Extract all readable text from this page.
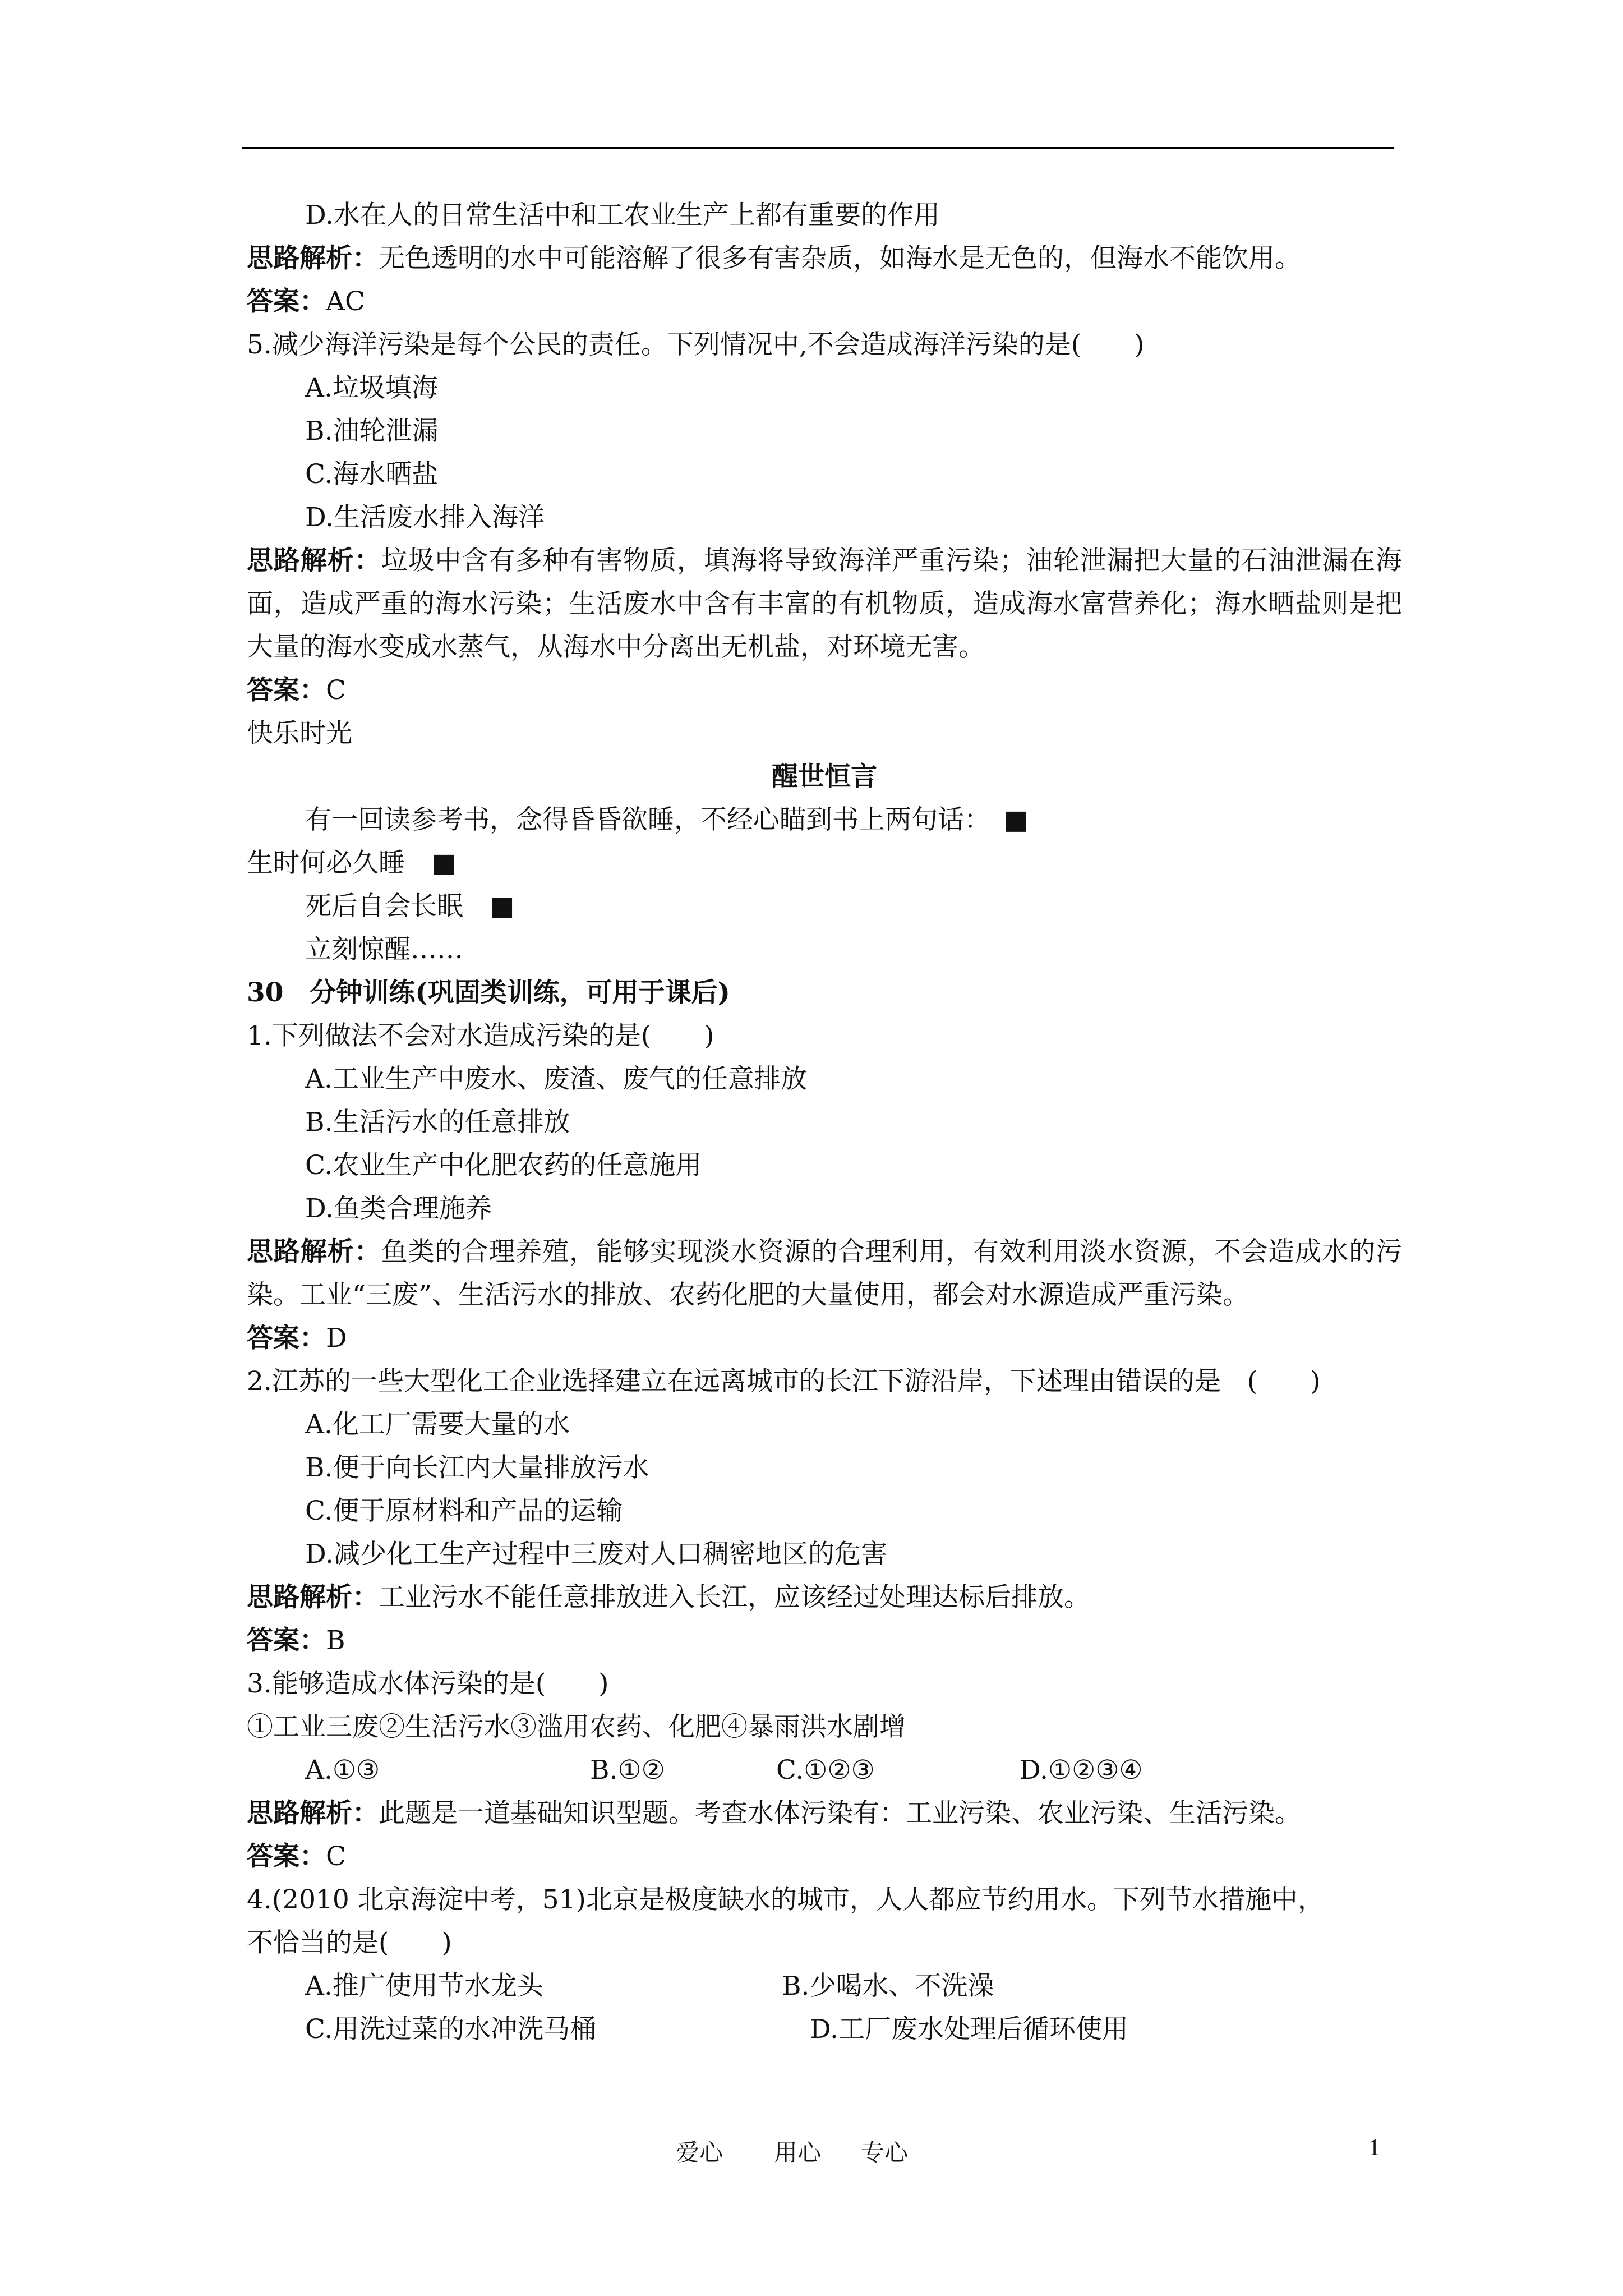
D.水在人的日常生活中和工农业生产上都有重要的作用
思路解析：无色透明的水中可能溶解了很多有害杂质，如海水是无色的，但海水不能饮用。
答案：AC
5.减少海洋污染是每个公民的责任。下列情况中,不会造成海洋污染的是(　　)
A.垃圾填海
B.油轮泄漏
C.海水晒盐
D.生活废水排入海洋
思路解析：垃圾中含有多种有害物质，填海将导致海洋严重污染；油轮泄漏把大量的石油泄漏在海面，造成严重的海水污染；生活废水中含有丰富的有机物质，造成海水富营养化；海水晒盐则是把大量的海水变成水蒸气，从海水中分离出无机盐，对环境无害。
答案：C
快乐时光
醒世恒言
有一回读参考书，念得昏昏欲睡，不经心瞄到书上两句话：　 ■
生时何必久睡　 ■
死后自会长眠　 ■
立刻惊醒……
30　分钟训练(巩固类训练，可用于课后)
1.下列做法不会对水造成污染的是(　　)
A.工业生产中废水、废渣、废气的任意排放
B.生活污水的任意排放
C.农业生产中化肥农药的任意施用
D.鱼类合理施养
思路解析：鱼类的合理养殖，能够实现淡水资源的合理利用，有效利用淡水资源，不会造成水的污染。工业“三废”、生活污水的排放、农药化肥的大量使用，都会对水源造成严重污染。
答案：D
2.江苏的一些大型化工企业选择建立在远离城市的长江下游沿岸，下述理由错误的是　(　　)
A.化工厂需要大量的水
B.便于向长江内大量排放污水
C.便于原材料和产品的运输
D.减少化工生产过程中三废对人口稠密地区的危害
思路解析：工业污水不能任意排放进入长江，应该经过处理达标后排放。
答案：B
3.能够造成水体污染的是(　　)
①工业三废②生活污水③滥用农药、化肥④暴雨洪水剧增
A.①③	B.①②	C.①②③	D.①②③④
思路解析：此题是一道基础知识型题。考查水体污染有：工业污染、农业污染、生活污染。
答案：C
4.(2010 北京海淀中考，51)北京是极度缺水的城市，人人都应节约用水。下列节水措施中，
不恰当的是(　　)
A.推广使用节水龙头	B.少喝水、不洗澡
C.用洗过菜的水冲洗马桶	D.工厂废水处理后循环使用
爱心 用心 专心	1
